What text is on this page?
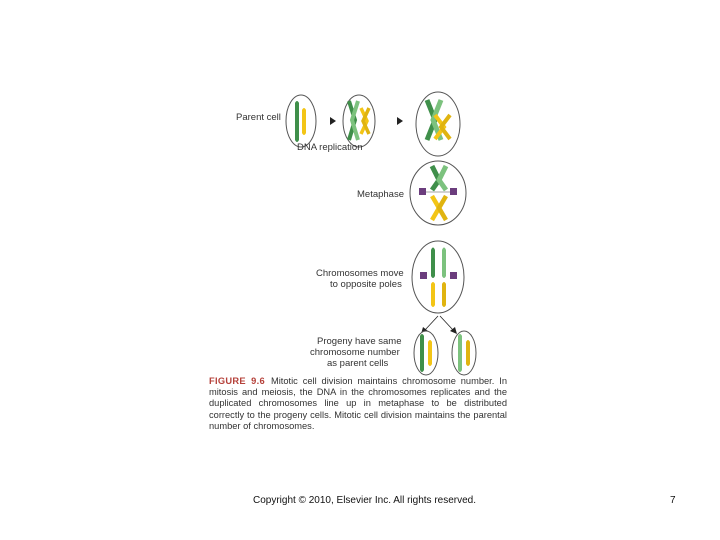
Parent cell
DNA replication
Metaphase
Chromosomes move
to opposite poles
Progeny have same
chromosome number
as parent cells
FIGURE 9.6 Mitotic cell division maintains chromosome number. In mitosis and meiosis, the DNA in the chromosomes replicates and the duplicated chromosomes line up in metaphase to be distributed correctly to the progeny cells. Mitotic cell division maintains the parental number of chromosomes.
Copyright © 2010, Elsevier Inc. All rights reserved.	7
